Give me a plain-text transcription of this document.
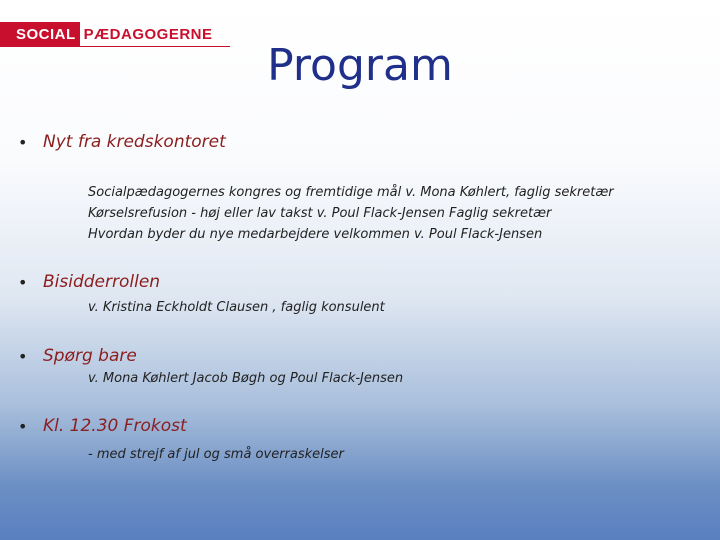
SOCIAL PÆDAGOGERNE
Program
• Nyt fra kredskontoret
Socialpædagogernes kongres og fremtidige mål v. Mona Køhlert, faglig sekretær
Kørselsrefusion - høj eller lav takst v. Poul Flack-Jensen Faglig sekretær
Hvordan byder du nye medarbejdere velkommen v. Poul Flack-Jensen
• Bisidderrollen
v. Kristina Eckholdt Clausen , faglig konsulent
• Spørg bare
v. Mona Køhlert Jacob Bøgh og Poul Flack-Jensen
• Kl. 12.30 Frokost
- med strejf af jul og små overraskelser
